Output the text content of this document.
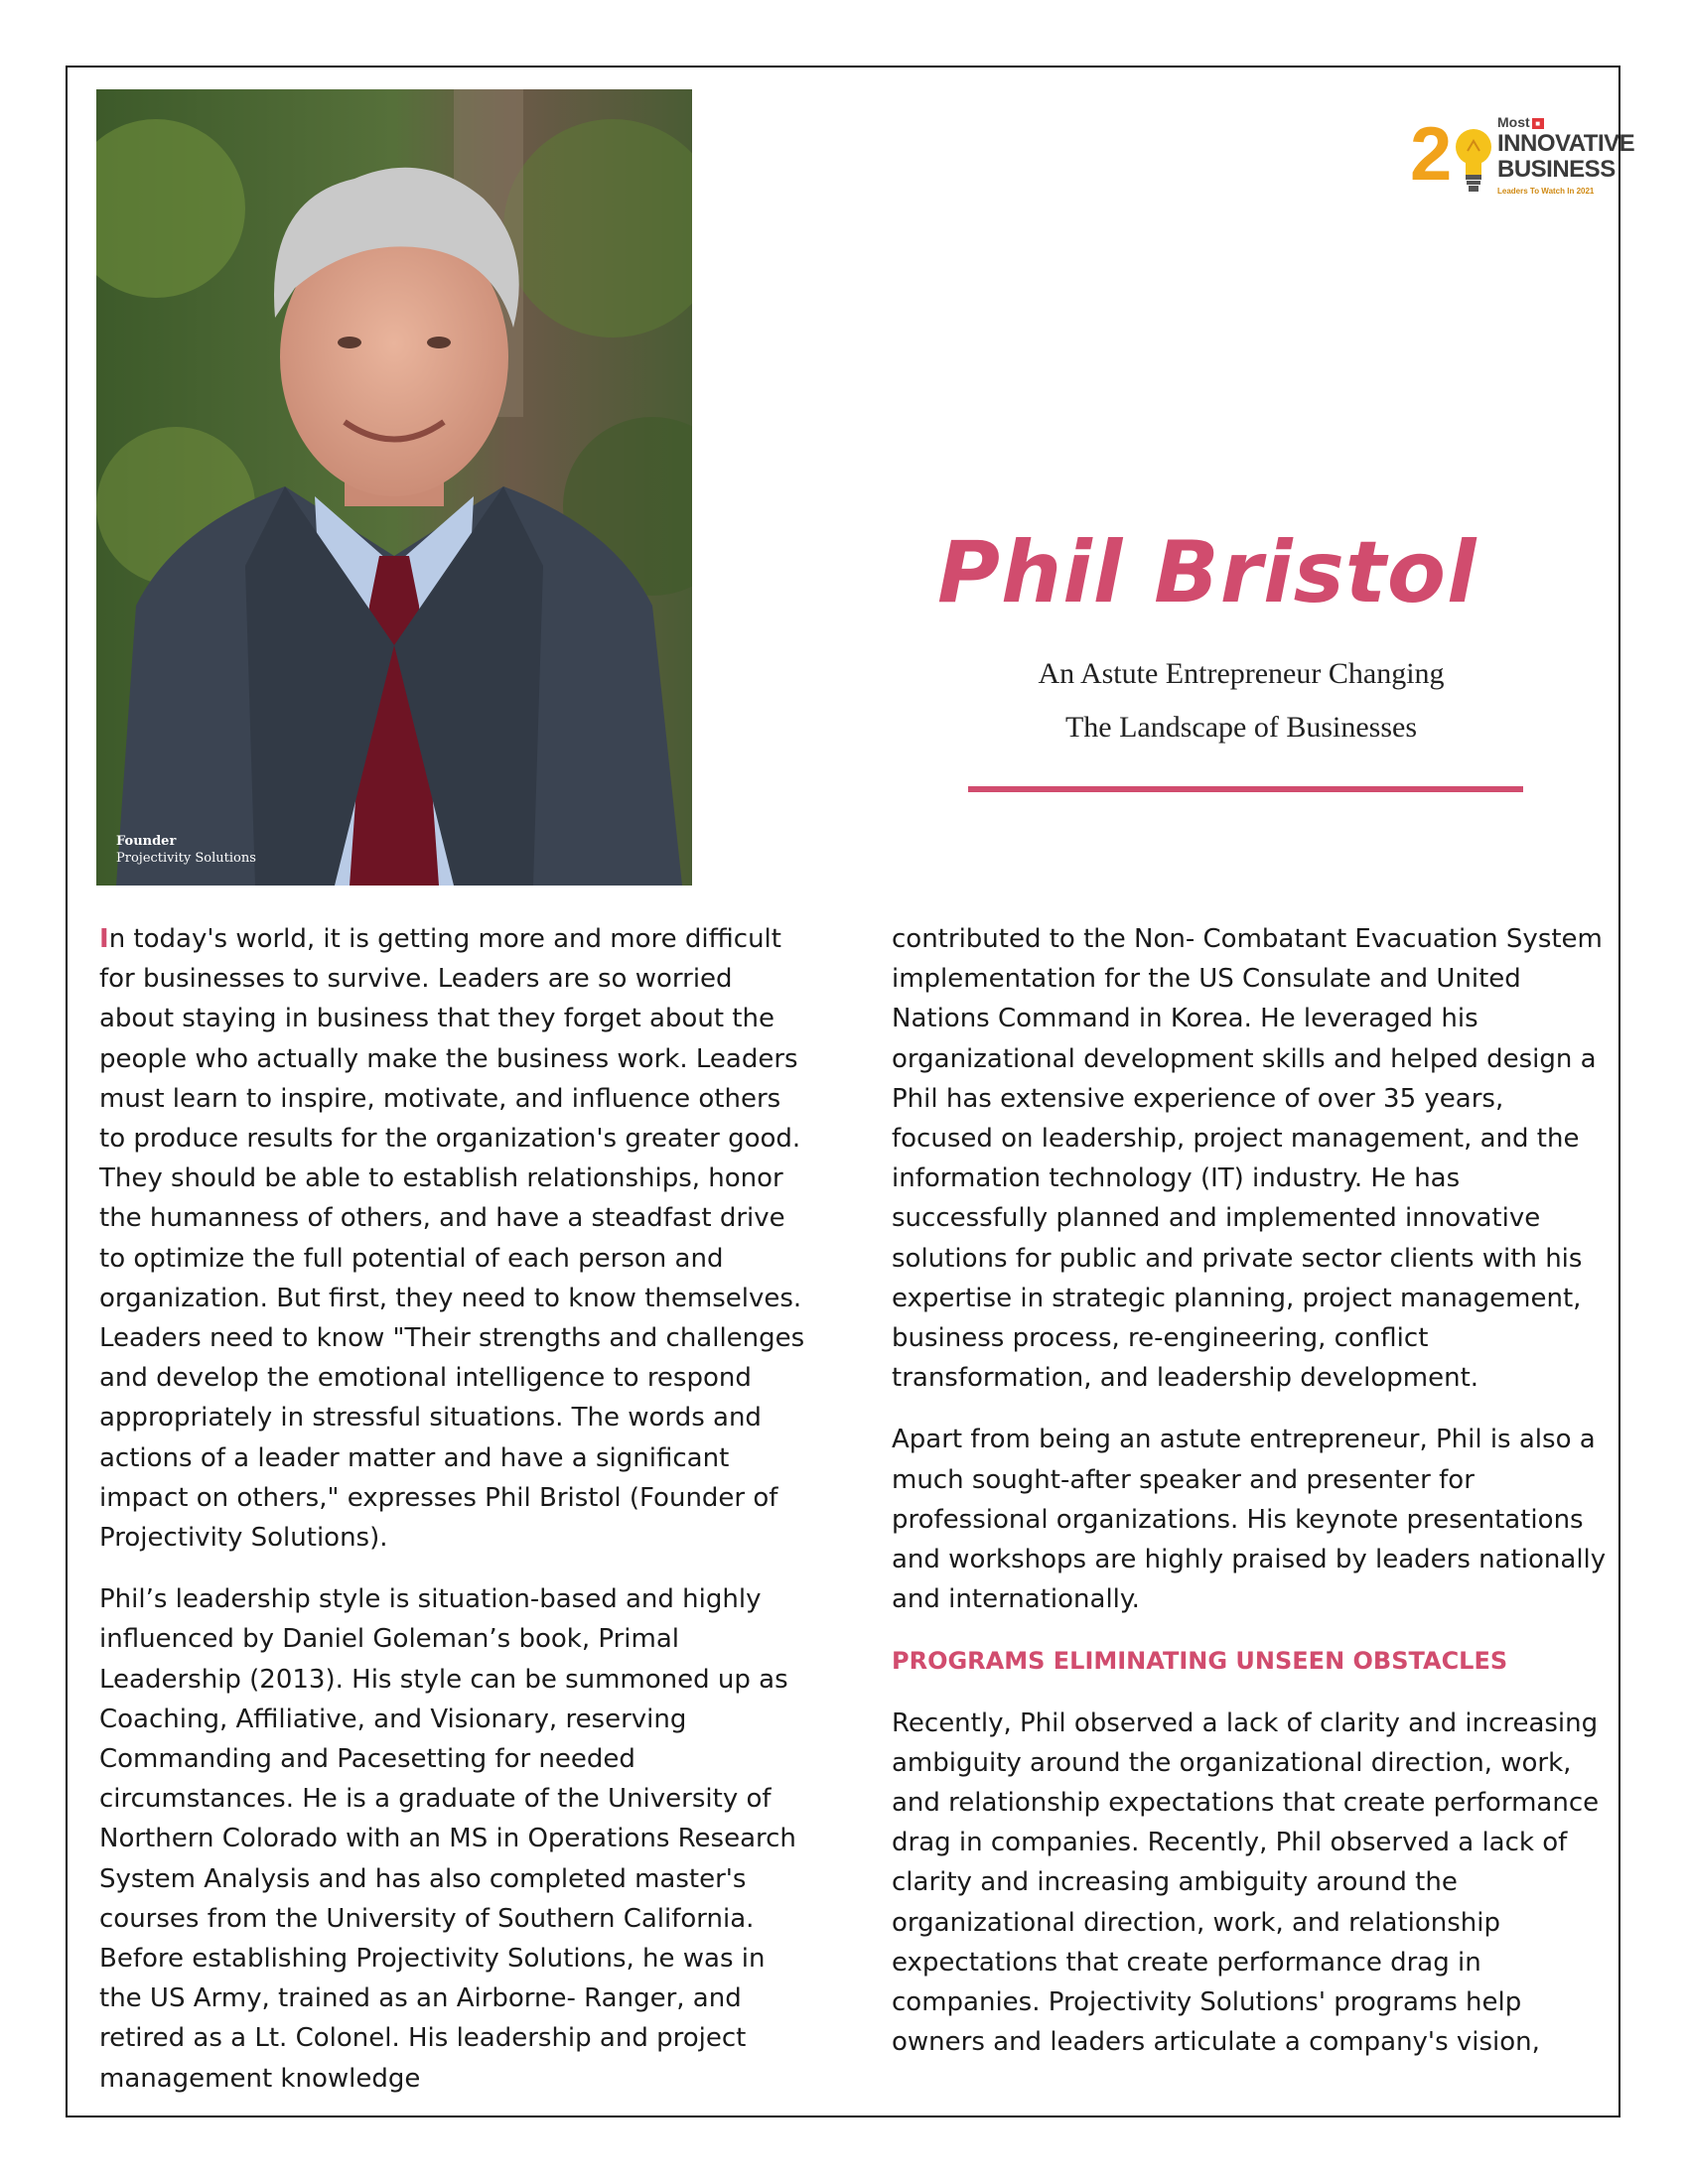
Founder
Projectivity Solutions
2	Most ■
INNOVATIVE
BUSINESS
Leaders To Watch In 2021
Phil Bristol
An Astute Entrepreneur Changing
The Landscape of Businesses

In today's world, it is getting more and more difficult for businesses to survive. Leaders are so worried about staying in business that they forget about the people who actually make the business work. Leaders must learn to inspire, motivate, and influence others to produce results for the organization's greater good. They should be able to establish relationships, honor the humanness of others, and have a steadfast drive to optimize the full potential of each person and organization. But first, they need to know themselves. Leaders need to know "Their strengths and challenges and develop the emotional intelligence to respond appropriately in stressful situations. The words and actions of a leader matter and have a significant impact on others," expresses Phil Bristol (Founder of Projectivity Solutions).

Phil’s leadership style is situation-based and highly influenced by Daniel Goleman’s book, Primal Leadership (2013). His style can be summoned up as Coaching, Affiliative, and Visionary, reserving Commanding and Pacesetting for needed circumstances. He is a graduate of the University of Northern Colorado with an MS in Operations Research System Analysis and has also completed master's courses from the University of Southern California. Before establishing Projectivity Solutions, he was in the US Army, trained as an Airborne- Ranger, and retired as a Lt. Colonel. His leadership and project management knowledge

contributed to the Non- Combatant Evacuation System implementation for the US Consulate and United Nations Command in Korea. He leveraged his organizational development skills and helped design a Phil has extensive experience of over 35 years, focused on leadership, project management, and the information technology (IT) industry. He has successfully planned and implemented innovative solutions for public and private sector clients with his expertise in strategic planning, project management, business process, re-engineering, conflict transformation, and leadership development.

Apart from being an astute entrepreneur, Phil is also a much sought-after speaker and presenter for professional organizations. His keynote presentations and workshops are highly praised by leaders nationally and internationally.

PROGRAMS ELIMINATING UNSEEN OBSTACLES

Recently, Phil observed a lack of clarity and increasing ambiguity around the organizational direction, work, and relationship expectations that create performance drag in companies. Recently, Phil observed a lack of clarity and increasing ambiguity around the organizational direction, work, and relationship expectations that create performance drag in companies. Projectivity Solutions' programs help owners and leaders articulate a company's vision,
